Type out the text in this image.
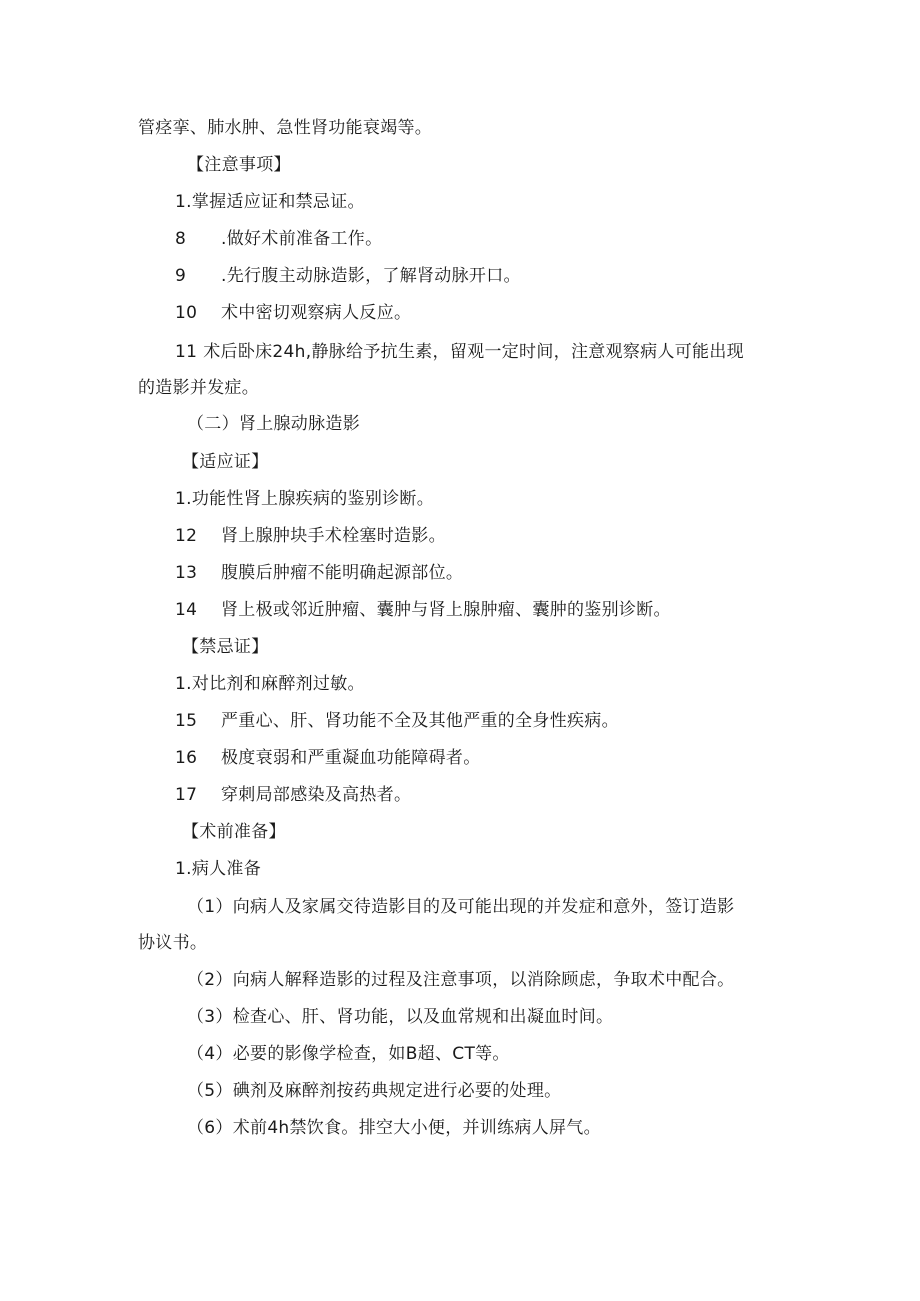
管痉挛、肺水肿、急性肾功能衰竭等。
【注意事项】
1.掌握适应证和禁忌证。
8 .做好术前准备工作。
9 .先行腹主动脉造影，了解肾动脉开口。
10 术中密切观察病人反应。
11 术后卧床24h,静脉给予抗生素，留观一定时间，注意观察病人可能出现
的造影并发症。
（二）肾上腺动脉造影
【适应证】
1.功能性肾上腺疾病的鉴别诊断。
12 肾上腺肿块手术栓塞时造影。
13 腹膜后肿瘤不能明确起源部位。
14 肾上极或邻近肿瘤、囊肿与肾上腺肿瘤、囊肿的鉴别诊断。
【禁忌证】
1.对比剂和麻醉剂过敏。
15 严重心、肝、肾功能不全及其他严重的全身性疾病。
16 极度衰弱和严重凝血功能障碍者。
17 穿刺局部感染及高热者。
【术前准备】
1.病人准备
（1）向病人及家属交待造影目的及可能出现的并发症和意外，签订造影
协议书。
（2）向病人解释造影的过程及注意事项，以消除顾虑，争取术中配合。
（3）检查心、肝、肾功能，以及血常规和出凝血时间。
（4）必要的影像学检查，如B超、CT等。
（5）碘剂及麻醉剂按药典规定进行必要的处理。
（6）术前4h禁饮食。排空大小便，并训练病人屏气。
